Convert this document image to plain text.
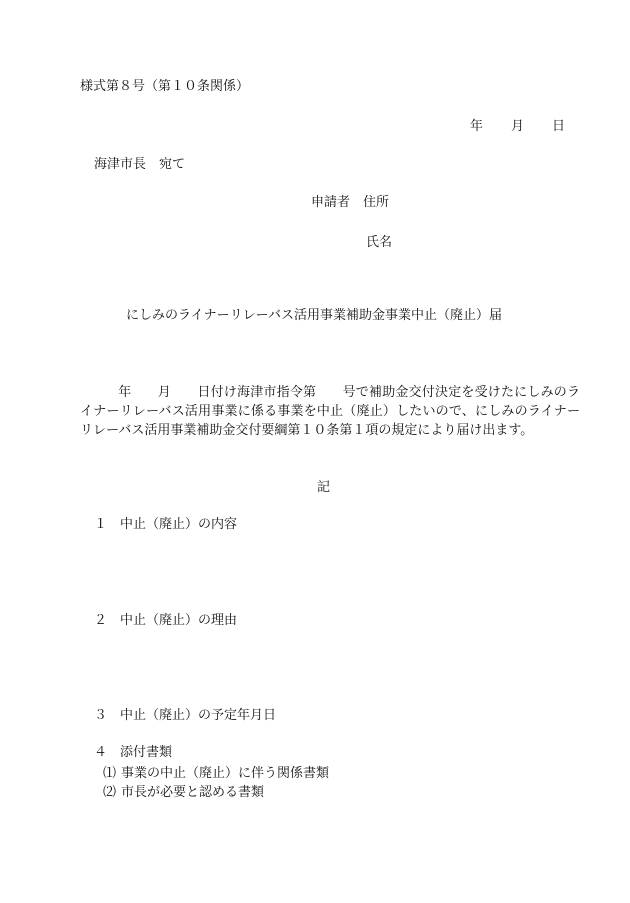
様式第８号（第１０条関係）
年 月 日
海津市長　宛て
申請者　住所
氏名
にしみのライナーリレーバス活用事業補助金事業中止（廃止）届
年　　月　　日付け海津市指令第　　号で補助金交付決定を受けたにしみのライナーリレーバス活用事業に係る事業を中止（廃止）したいので、にしみのライナーリレーバス活用事業補助金交付要綱第１０条第１項の規定により届け出ます。
記
１ 中止（廃止）の内容
２ 中止（廃止）の理由
３ 中止（廃止）の予定年月日
４ 添付書類
⑴ 事業の中止（廃止）に伴う関係書類
⑵ 市長が必要と認める書類
